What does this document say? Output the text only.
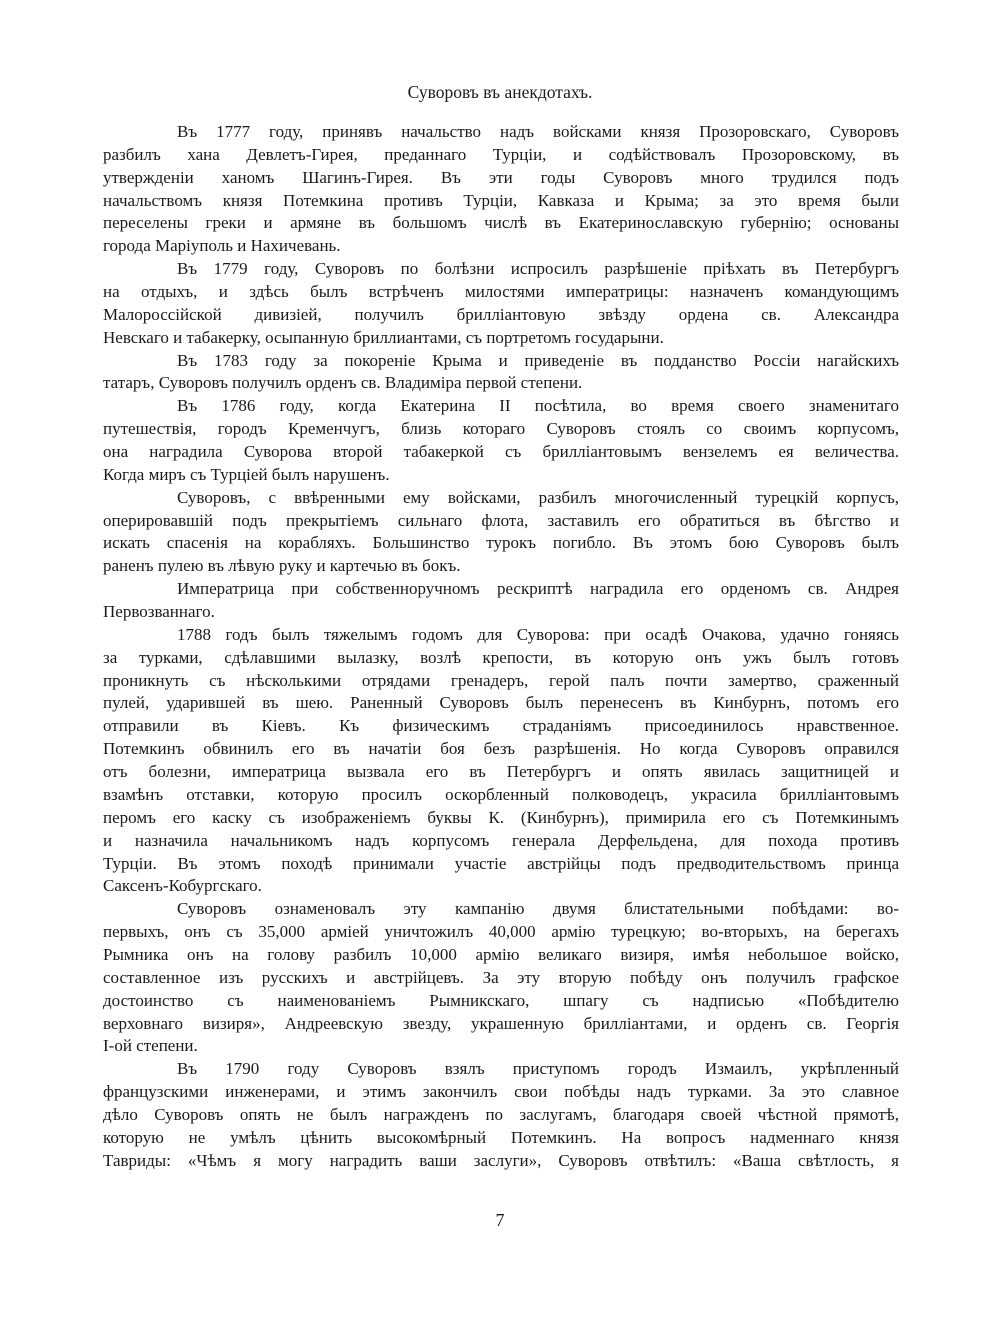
Суворовъ въ анекдотахъ.
Въ 1777 году, принявъ начальство надъ войсками князя Прозоровскаго, Суворовъ
разбилъ хана Девлетъ-Гирея, преданнаго Турціи, и содѣйствовалъ Прозоровскому, въ
утвержденіи ханомъ Шагинъ-Гирея. Въ эти годы Суворовъ много трудился подъ
начальствомъ князя Потемкина противъ Турціи, Кавказа и Крыма; за это время были
переселены греки и армяне въ большомъ числѣ въ Екатеринославскую губернію; основаны
города Маріуполь и Нахичевань.
Въ 1779 году, Суворовъ по болѣзни испросилъ разрѣшеніе пріѣхать въ Петербургъ
на отдыхъ, и здѣсь былъ встрѣченъ милостями императрицы: назначенъ командующимъ
Малороссійской дивизіей, получилъ бриллiантовую звѣзду ордена св. Александра
Невскаго и табакерку, осыпанную бриллиантами, съ портретомъ государыни.
Въ 1783 году за покореніе Крыма и приведеніе въ подданство Россіи нагайскихъ
татаръ, Суворовъ получилъ орденъ св. Владиміра первой степени.
Въ 1786 году, когда Екатерина II посѣтила, во время своего знаменитаго
путешествія, городъ Кременчугъ, близь котораго Суворовъ стоялъ со своимъ корпусомъ,
она наградила Суворова второй табакеркой съ бриллiантовымъ вензелемъ ея величества.
Когда миръ съ Турціей былъ нарушенъ.
Суворовъ, с ввѣренными ему войсками, разбилъ многочисленный турецкій корпусъ,
оперировавшій подъ прекрытіемъ сильнаго флота, заставилъ его обратиться въ бѣгство и
искать спасенія на корабляхъ. Большинство турокъ погибло. Въ этомъ бою Суворовъ былъ
раненъ пулею въ лѣвую руку и картечью въ бокъ.
Императрица при собственноручномъ рескриптѣ наградила его орденомъ св. Андрея
Первозваннаго.
1788 годъ былъ тяжелымъ годомъ для Суворова: при осадѣ Очакова, удачно гоняясь
за турками, сдѣлавшими вылазку, возлѣ крепости, въ которую онъ ужъ былъ готовъ
проникнуть съ нѣсколькими отрядами гренадеръ, герой палъ почти замертво, сраженный
пулей, ударившей въ шею. Раненный Суворовъ былъ перенесенъ въ Кинбурнъ, потомъ его
отправили въ Кіевъ. Къ физическимъ страданіямъ присоединилось нравственное.
Потемкинъ обвинилъ его въ начатіи боя безъ разрѣшенія. Но когда Суворовъ оправился
отъ болезни, императрица вызвала его въ Петербургъ и опять явилась защитницей и
взамѣнъ отставки, которую просилъ оскорбленный полководецъ, украсила бриллiантовымъ
перомъ его каску съ изображеніемъ буквы К. (Кинбурнъ), примирила его съ Потемкинымъ
и назначила начальникомъ надъ корпусомъ генерала Дерфельдена, для похода противъ
Турціи. Въ этомъ походѣ принимали участіе австрійцы подъ предводительствомъ принца
Саксенъ-Кобургскаго.
Суворовъ ознаменовалъ эту кампанію двумя блистательными побѣдами: во-
первыхъ, онъ съ 35,000 арміей уничтожилъ 40,000 армію турецкую; во-вторыхъ, на берегахъ
Рымника онъ на голову разбилъ 10,000 армію великаго визиря, имѣя небольшое войско,
составленное изъ русскихъ и австрійцевъ. За эту вторую побѣду онъ получилъ графское
достоинство съ наименованіемъ Рымникскаго, шпагу съ надписью «Побѣдителю
верховнаго визиря», Андреевскую звезду, украшенную бриллiантами, и орденъ св. Георгія
I-ой степени.
Въ 1790 году Суворовъ взялъ приступомъ городъ Измаилъ, укрѣпленный
французскими инженерами, и этимъ закончилъ свои побѣды надъ турками. За это славное
дѣло Суворовъ опять не былъ награжденъ по заслугамъ, благодаря своей чѣстной прямотѣ,
которую не умѣлъ цѣнить высокомѣрный Потемкинъ. На вопросъ надменнаго князя
Тавриды: «Чѣмъ я могу наградить ваши заслуги», Суворовъ отвѣтилъ: «Ваша свѣтлость, я
7
